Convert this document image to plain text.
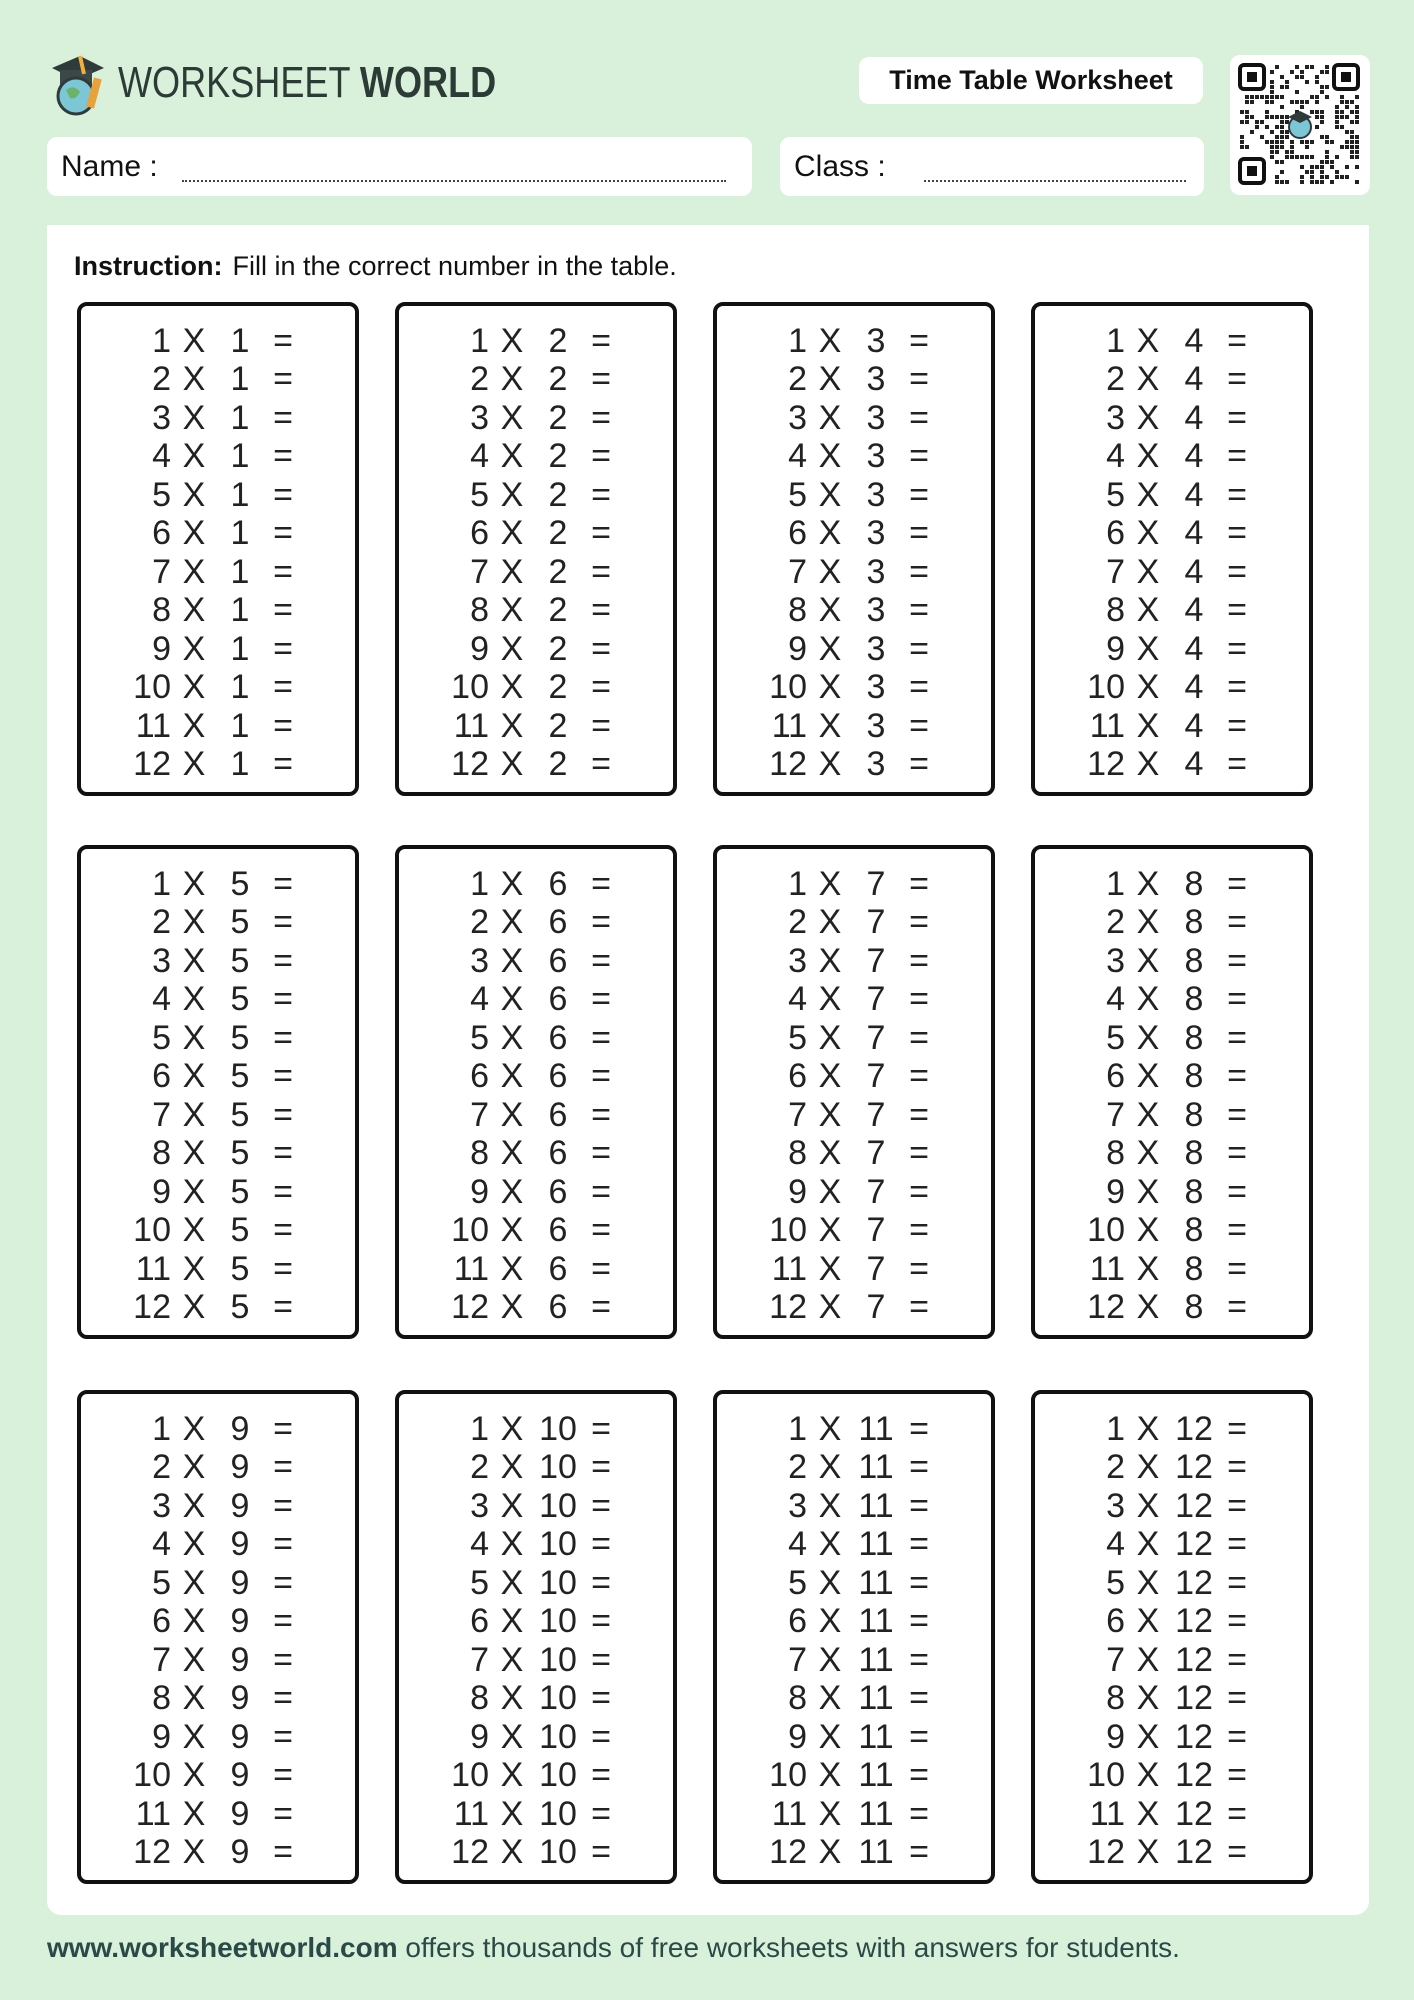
WORKSHEET WORLD	Time Table Worksheet
Name :	Class :
Instruction: Fill in the correct number in the table.
1 X 1 =
2 X 1 =
3 X 1 =
4 X 1 =
5 X 1 =
6 X 1 =
7 X 1 =
8 X 1 =
9 X 1 =
10 X 1 =
11 X 1 =
12 X 1 =
1 X 2 =
2 X 2 =
3 X 2 =
4 X 2 =
5 X 2 =
6 X 2 =
7 X 2 =
8 X 2 =
9 X 2 =
10 X 2 =
11 X 2 =
12 X 2 =
1 X 3 =
2 X 3 =
3 X 3 =
4 X 3 =
5 X 3 =
6 X 3 =
7 X 3 =
8 X 3 =
9 X 3 =
10 X 3 =
11 X 3 =
12 X 3 =
1 X 4 =
2 X 4 =
3 X 4 =
4 X 4 =
5 X 4 =
6 X 4 =
7 X 4 =
8 X 4 =
9 X 4 =
10 X 4 =
11 X 4 =
12 X 4 =
1 X 5 =
2 X 5 =
3 X 5 =
4 X 5 =
5 X 5 =
6 X 5 =
7 X 5 =
8 X 5 =
9 X 5 =
10 X 5 =
11 X 5 =
12 X 5 =
1 X 6 =
2 X 6 =
3 X 6 =
4 X 6 =
5 X 6 =
6 X 6 =
7 X 6 =
8 X 6 =
9 X 6 =
10 X 6 =
11 X 6 =
12 X 6 =
1 X 7 =
2 X 7 =
3 X 7 =
4 X 7 =
5 X 7 =
6 X 7 =
7 X 7 =
8 X 7 =
9 X 7 =
10 X 7 =
11 X 7 =
12 X 7 =
1 X 8 =
2 X 8 =
3 X 8 =
4 X 8 =
5 X 8 =
6 X 8 =
7 X 8 =
8 X 8 =
9 X 8 =
10 X 8 =
11 X 8 =
12 X 8 =
1 X 9 =
2 X 9 =
3 X 9 =
4 X 9 =
5 X 9 =
6 X 9 =
7 X 9 =
8 X 9 =
9 X 9 =
10 X 9 =
11 X 9 =
12 X 9 =
1 X 10 =
2 X 10 =
3 X 10 =
4 X 10 =
5 X 10 =
6 X 10 =
7 X 10 =
8 X 10 =
9 X 10 =
10 X 10 =
11 X 10 =
12 X 10 =
1 X 11 =
2 X 11 =
3 X 11 =
4 X 11 =
5 X 11 =
6 X 11 =
7 X 11 =
8 X 11 =
9 X 11 =
10 X 11 =
11 X 11 =
12 X 11 =
1 X 12 =
2 X 12 =
3 X 12 =
4 X 12 =
5 X 12 =
6 X 12 =
7 X 12 =
8 X 12 =
9 X 12 =
10 X 12 =
11 X 12 =
12 X 12 =
www.worksheetworld.com offers thousands of free worksheets with answers for students.
